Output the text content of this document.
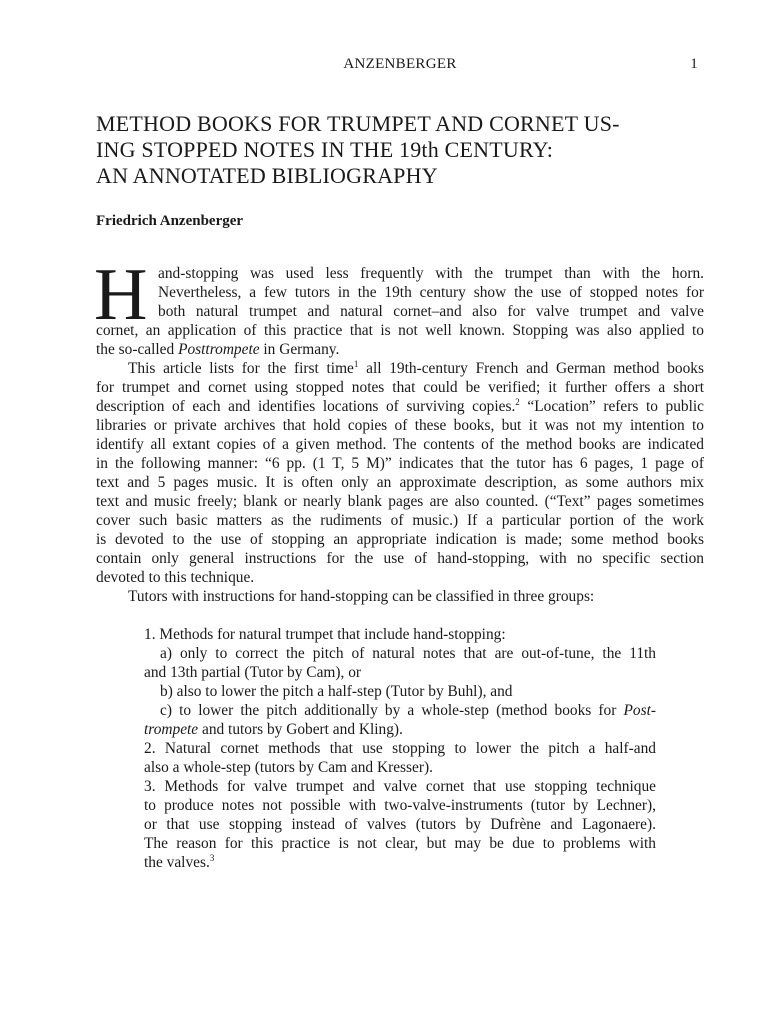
ANZENBERGER	1
METHOD BOOKS FOR TRUMPET AND CORNET US-
ING STOPPED NOTES IN THE 19th CENTURY:
AN ANNOTATED BIBLIOGRAPHY
Friedrich Anzenberger
H and-stopping was used less frequently with the trumpet than with the horn.
Nevertheless, a few tutors in the 19th century show the use of stopped notes for
both natural trumpet and natural cornet–and also for valve trumpet and valve
cornet, an application of this practice that is not well known. Stopping was also applied to
the so-called Posttrompete in Germany.
This article lists for the first time$^1$ all 19th-century French and German method books
for trumpet and cornet using stopped notes that could be verified; it further offers a short
description of each and identifies locations of surviving copies.$^2$ “Location” refers to public
libraries or private archives that hold copies of these books, but it was not my intention to
identify all extant copies of a given method. The contents of the method books are indicated
in the following manner: “6 pp. (1 T, 5 M)” indicates that the tutor has 6 pages, 1 page of
text and 5 pages music. It is often only an approximate description, as some authors mix
text and music freely; blank or nearly blank pages are also counted. (“Text” pages sometimes
cover such basic matters as the rudiments of music.) If a particular portion of the work
is devoted to the use of stopping an appropriate indication is made; some method books
contain only general instructions for the use of hand-stopping, with no specific section
devoted to this technique.
Tutors with instructions for hand-stopping can be classified in three groups:
1. Methods for natural trumpet that include hand-stopping:
a) only to correct the pitch of natural notes that are out-of-tune, the 11th
and 13th partial (Tutor by Cam), or
b) also to lower the pitch a half-step (Tutor by Buhl), and
c) to lower the pitch additionally by a whole-step (method books for Post-
trompete and tutors by Gobert and Kling).
2. Natural cornet methods that use stopping to lower the pitch a half-and
also a whole-step (tutors by Cam and Kresser).
3. Methods for valve trumpet and valve cornet that use stopping technique
to produce notes not possible with two-valve-instruments (tutor by Lechner),
or that use stopping instead of valves (tutors by Dufrène and Lagonaere).
The reason for this practice is not clear, but may be due to problems with
the valves.$^3$
